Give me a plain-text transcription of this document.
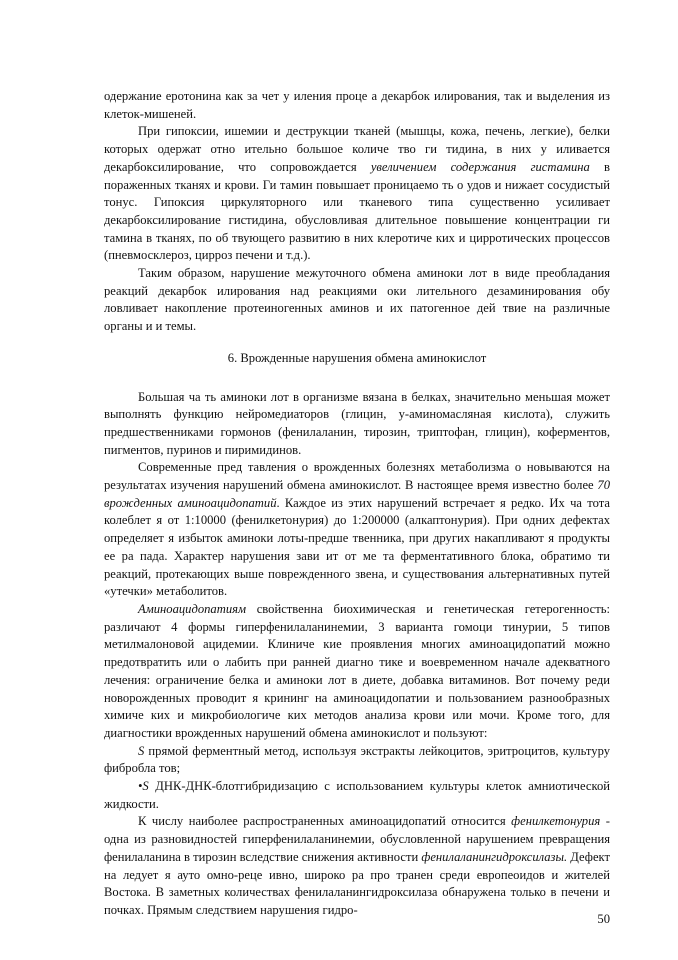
одержание еротонина как за чет у иления проце а декарбок илирования, так и выделения из клеток-мишеней.

При гипоксии, ишемии и деструкции тканей (мышцы, кожа, печень, легкие), белки которых одержат отно ительно большое количе тво ги тидина, в них у иливается декарбоксилирование, что сопровождается увеличением содержания гистамина в пораженных тканях и крови. Ги тамин повышает проницаемо ть о удов и нижает сосудистый тонус. Гипоксия циркуляторного или тканевого типа существенно усиливает декарбоксилирование гистидина, обусловливая длительное повышение концентрации ги тамина в тканях, по об твующего развитию в них клеротиче ких и цирротических процессов (пневмосклероз, цирроз печени и т.д.).

Таким образом, нарушение межуточного обмена аминоки лот в виде преобладания реакций декарбок илирования над реакциями оки лительного дезаминирования обу ловливает накопление протеиногенных аминов и их патогенное дей твие на различные органы и и темы.

6. Врожденные нарушения обмена аминокислот

Большая ча ть аминоки лот в организме вязана в белках, значительно меньшая может выполнять функцию нейромедиаторов (глицин, у-аминомасляная кислота), служить предшественниками гормонов (фенилаланин, тирозин, триптофан, глицин), коферментов, пигментов, пуринов и пиримидинов.

Современные пред тавления о врожденных болезнях метаболизма о новываются на результатах изучения нарушений обмена аминокислот. В настоящее время известно более 70 врожденных аминоацидопатий. Каждое из этих нарушений встречает я редко. Их ча тота колеблет я от 1:10000 (фенилкетонурия) до 1:200000 (алкаптонурия). При одних дефектах определяет я избыток аминоки лоты-предше твенника, при других накапливают я продукты ее ра пада. Характер нарушения зави ит от ме та ферментативного блока, обратимо ти реакций, протекающих выше поврежденного звена, и существования альтернативных путей «утечки» метаболитов.

Аминоацидопатиям свойственна биохимическая и генетическая гетерогенность: различают 4 формы гиперфенилаланинемии, 3 варианта гомоци тинурии, 5 типов метилмалоновой ацидемии. Клиниче кие проявления многих аминоацидопатий можно предотвратить или о лабить при ранней диагно тике и воевременном начале адекватного лечения: ограничение белка и аминоки лот в диете, добавка витаминов. Вот почему реди новорожденных проводит я крининг на аминоацидопатии и пользованием разнообразных химиче ких и микробиологиче ких методов анализа крови или мочи. Кроме того, для диагностики врожденных нарушений обмена аминокислот и пользуют:

S прямой ферментный метод, используя экстракты лейкоцитов, эритроцитов, культуру фибробла тов;

•S ДНК-ДНК-блотгибридизацию с использованием культуры клеток амниотической жидкости.

К числу наиболее распространенных аминоацидопатий относится фенилкетонурия - одна из разновидностей гиперфенилаланинемии, обусловленной нарушением превращения фенилаланина в тирозин вследствие снижения активности фенилаланингидроксилазы. Дефект на ледует я ауто омно-реце ивно, широко ра про транен среди европеоидов и жителей Востока. В заметных количествах фенилаланингидроксилаза обнаружена только в печени и почках. Прямым следствием нарушения гидро-

50
